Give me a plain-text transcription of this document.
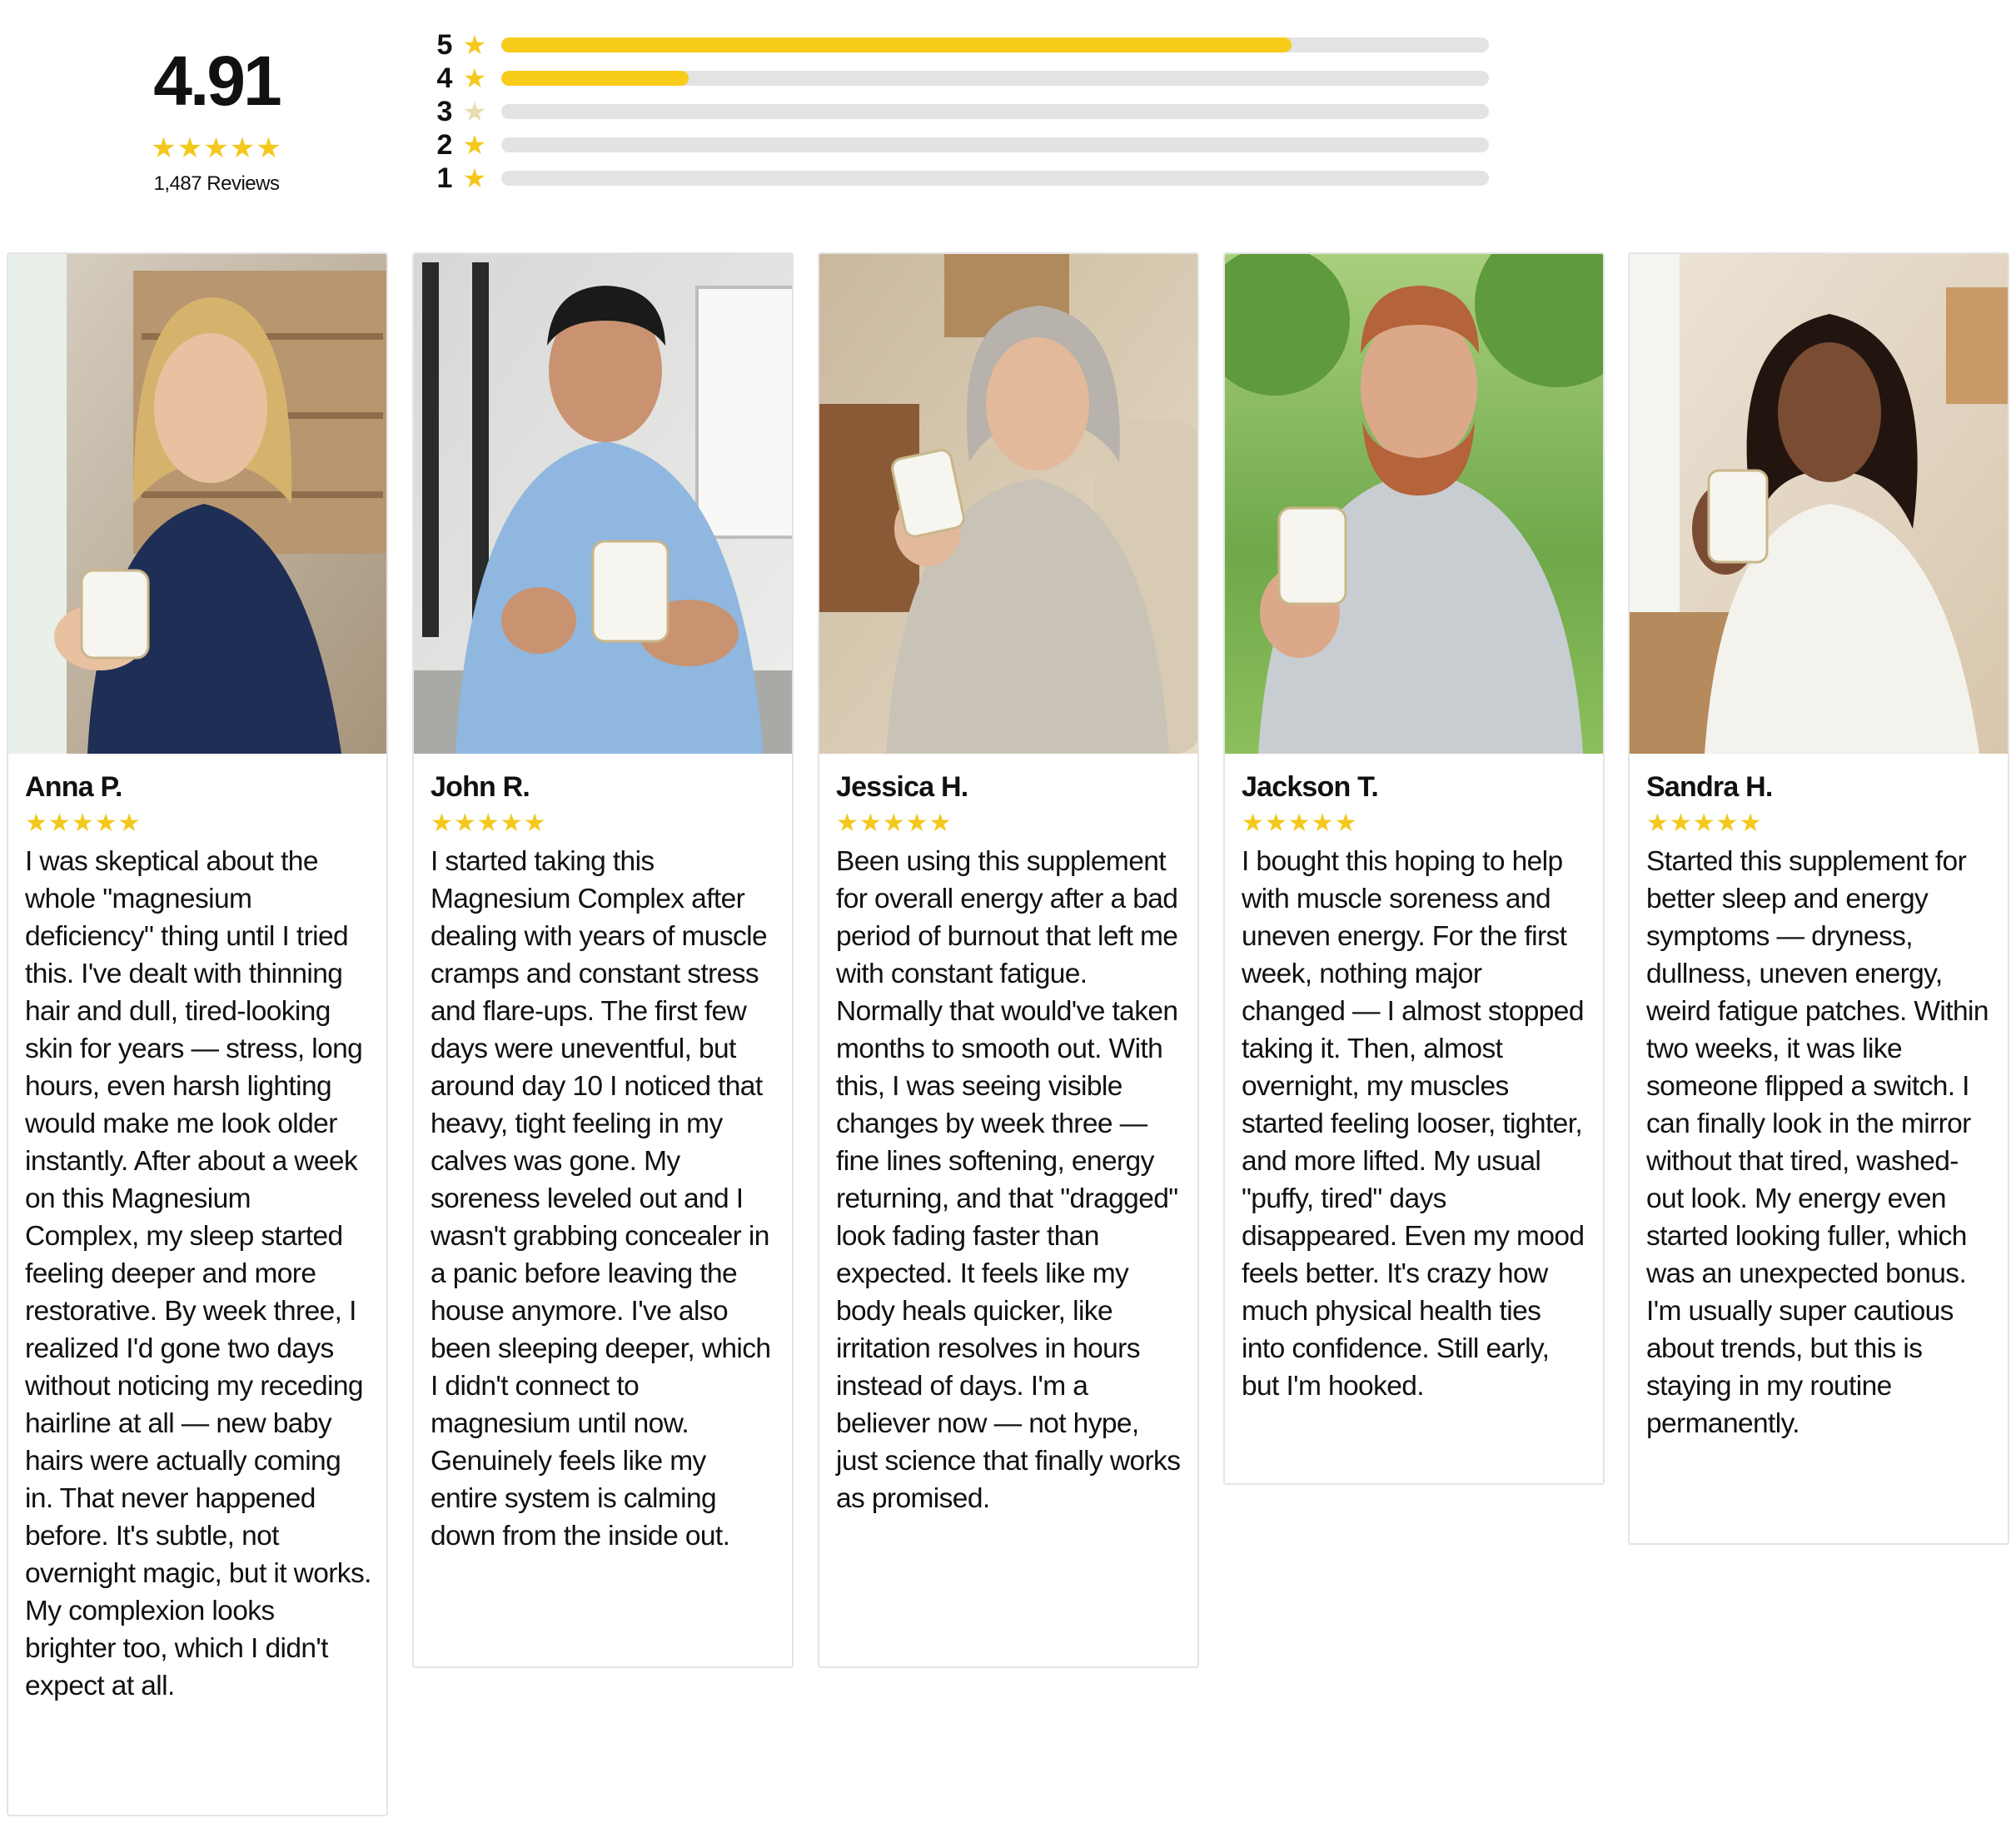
4.91
★★★★★
1,487 Reviews
5 ★
4 ★
3 ★
2 ★
1 ★
Anna P.
★★★★★
I was skeptical about the whole "magnesium deficiency" thing until I tried this. I've dealt with thinning hair and dull, tired-looking skin for years — stress, long hours, even harsh lighting would make me look older instantly. After about a week on this Magnesium Complex, my sleep started feeling deeper and more restorative. By week three, I realized I'd gone two days without noticing my receding hairline at all — new baby hairs were actually coming in. That never happened before. It's subtle, not overnight magic, but it works. My complexion looks brighter too, which I didn't expect at all.
John R.
★★★★★
I started taking this Magnesium Complex after dealing with years of muscle cramps and constant stress and flare-ups. The first few days were uneventful, but around day 10 I noticed that heavy, tight feeling in my calves was gone. My soreness leveled out and I wasn't grabbing concealer in a panic before leaving the house anymore. I've also been sleeping deeper, which I didn't connect to magnesium until now. Genuinely feels like my entire system is calming down from the inside out.
Jessica H.
★★★★★
Been using this supplement for overall energy after a bad period of burnout that left me with constant fatigue. Normally that would've taken months to smooth out. With this, I was seeing visible changes by week three — fine lines softening, energy returning, and that "dragged" look fading faster than expected. It feels like my body heals quicker, like irritation resolves in hours instead of days. I'm a believer now — not hype, just science that finally works as promised.
Jackson T.
★★★★★
I bought this hoping to help with muscle soreness and uneven energy. For the first week, nothing major changed — I almost stopped taking it. Then, almost overnight, my muscles started feeling looser, tighter, and more lifted. My usual "puffy, tired" days disappeared. Even my mood feels better. It's crazy how much physical health ties into confidence. Still early, but I'm hooked.
Sandra H.
★★★★★
Started this supplement for better sleep and energy symptoms — dryness, dullness, uneven energy, weird fatigue patches. Within two weeks, it was like someone flipped a switch. I can finally look in the mirror without that tired, washed-out look. My energy even started looking fuller, which was an unexpected bonus. I'm usually super cautious about trends, but this is staying in my routine permanently.
